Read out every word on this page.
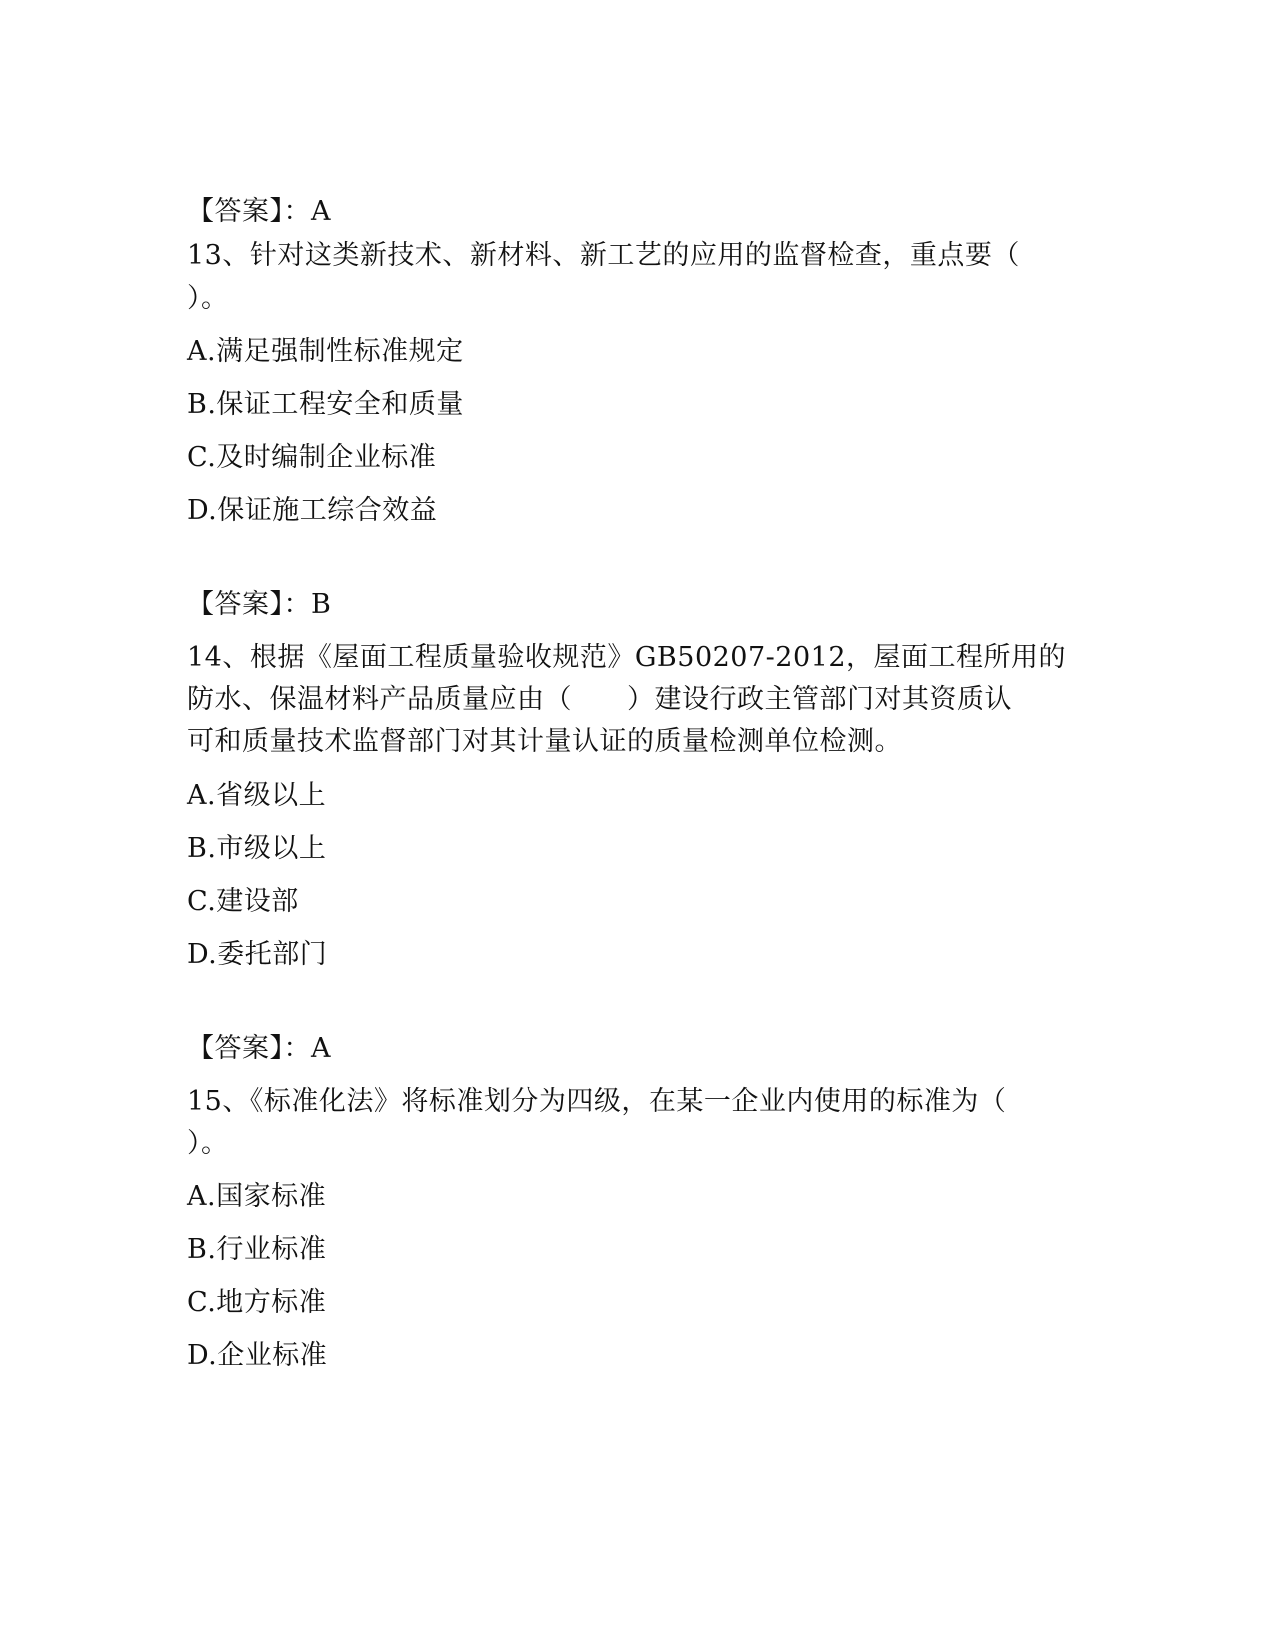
【答案】：A
13、针对这类新技术、新材料、新工艺的应用的监督检查，重点要（
）。
A.满足强制性标准规定
B.保证工程安全和质量
C.及时编制企业标准
D.保证施工综合效益
【答案】：B
14、根据《屋面工程质量验收规范》GB50207-2012，屋面工程所用的
防水、保温材料产品质量应由（　　）建设行政主管部门对其资质认
可和质量技术监督部门对其计量认证的质量检测单位检测。
A.省级以上
B.市级以上
C.建设部
D.委托部门
【答案】：A
15、《标准化法》将标准划分为四级，在某一企业内使用的标准为（
）。
A.国家标准
B.行业标准
C.地方标准
D.企业标准
